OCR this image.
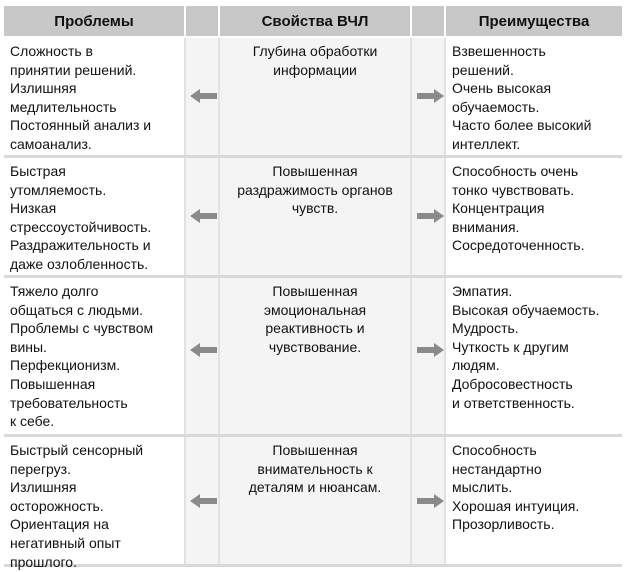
Проблемы	Свойства ВЧЛ	Преимущества
Сложность в
принятии решений.
Излишняя
медлительность
Постоянный анализ и
самоанализ.
Глубина обработки
информации
Взвешенность
решений.
Очень высокая
обучаемость.
Часто более высокий
интеллект.
Быстрая
утомляемость.
Низкая
стрессоустойчивость.
Раздражительность и
даже озлобленность.
Повышенная
раздражимость органов
чувств.
Способность очень
тонко чувствовать.
Концентрация
внимания.
Сосредоточенность.
Тяжело долго
общаться с людьми.
Проблемы с чувством
вины.
Перфекционизм.
Повышенная
требовательность
к себе.
Повышенная
эмоциональная
реактивность и
чувствование.
Эмпатия.
Высокая обучаемость.
Мудрость.
Чуткость к другим
людям.
Добросовестность
и ответственность.
Быстрый сенсорный
перегруз.
Излишняя
осторожность.
Ориентация на
негативный опыт
прошлого.
Повышенная
внимательность к
деталям и нюансам.
Способность
нестандартно
мыслить.
Хорошая интуиция.
Прозорливость.
